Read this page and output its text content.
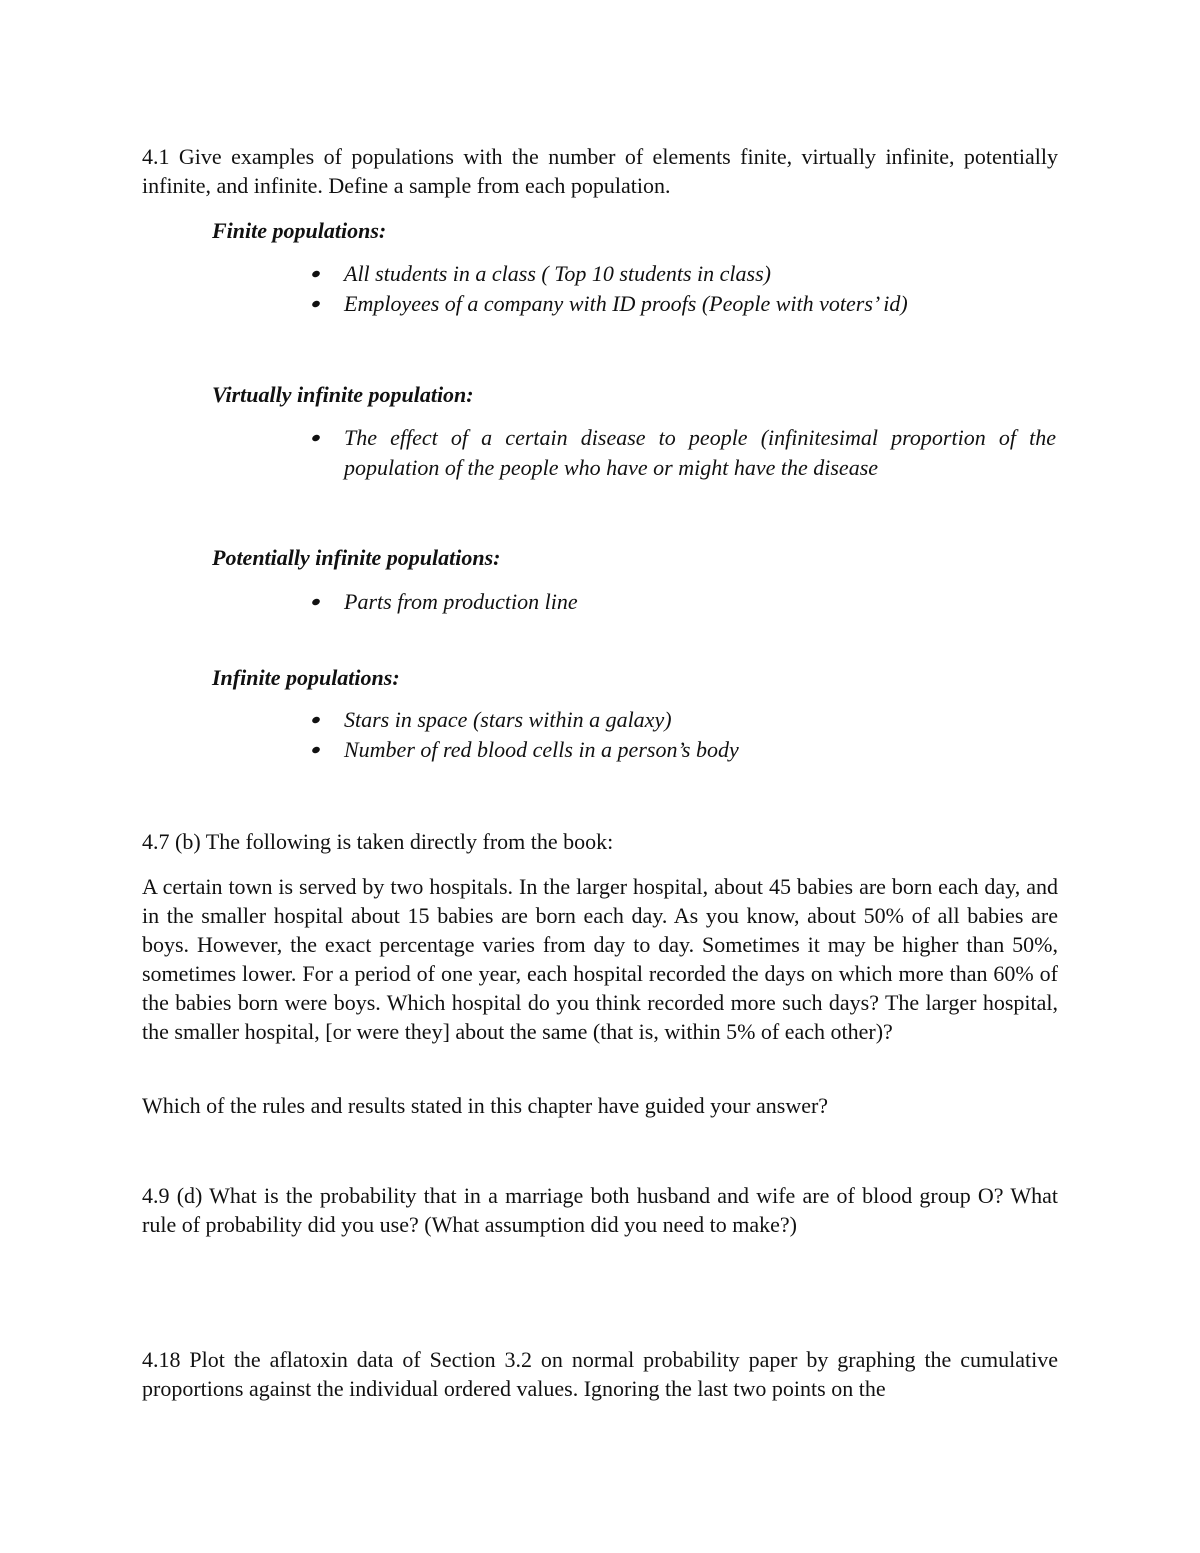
4.1 Give examples of populations with the number of elements finite, virtually infinite, potentially infinite, and infinite. Define a sample from each population.

Finite populations:

All students in a class ( Top 10 students in class)
Employees of a company with ID proofs (People with voters’ id)

Virtually infinite population:

The effect of a certain disease to people (infinitesimal proportion of the population of the people who have or might have the disease

Potentially infinite populations:

Parts from production line

Infinite populations:

Stars in space (stars within a galaxy)
Number of red blood cells in a person’s body

4.7 (b) The following is taken directly from the book:

A certain town is served by two hospitals. In the larger hospital, about 45 babies are born each day, and in the smaller hospital about 15 babies are born each day. As you know, about 50% of all babies are boys. However, the exact percentage varies from day to day. Sometimes it may be higher than 50%, sometimes lower. For a period of one year, each hospital recorded the days on which more than 60% of the babies born were boys. Which hospital do you think recorded more such days? The larger hospital, the smaller hospital, [or were they] about the same (that is, within 5% of each other)?

Which of the rules and results stated in this chapter have guided your answer?

4.9 (d) What is the probability that in a marriage both husband and wife are of blood group O? What rule of probability did you use? (What assumption did you need to make?)

4.18 Plot the aflatoxin data of Section 3.2 on normal probability paper by graphing the cumulative proportions against the individual ordered values. Ignoring the last two points on the
